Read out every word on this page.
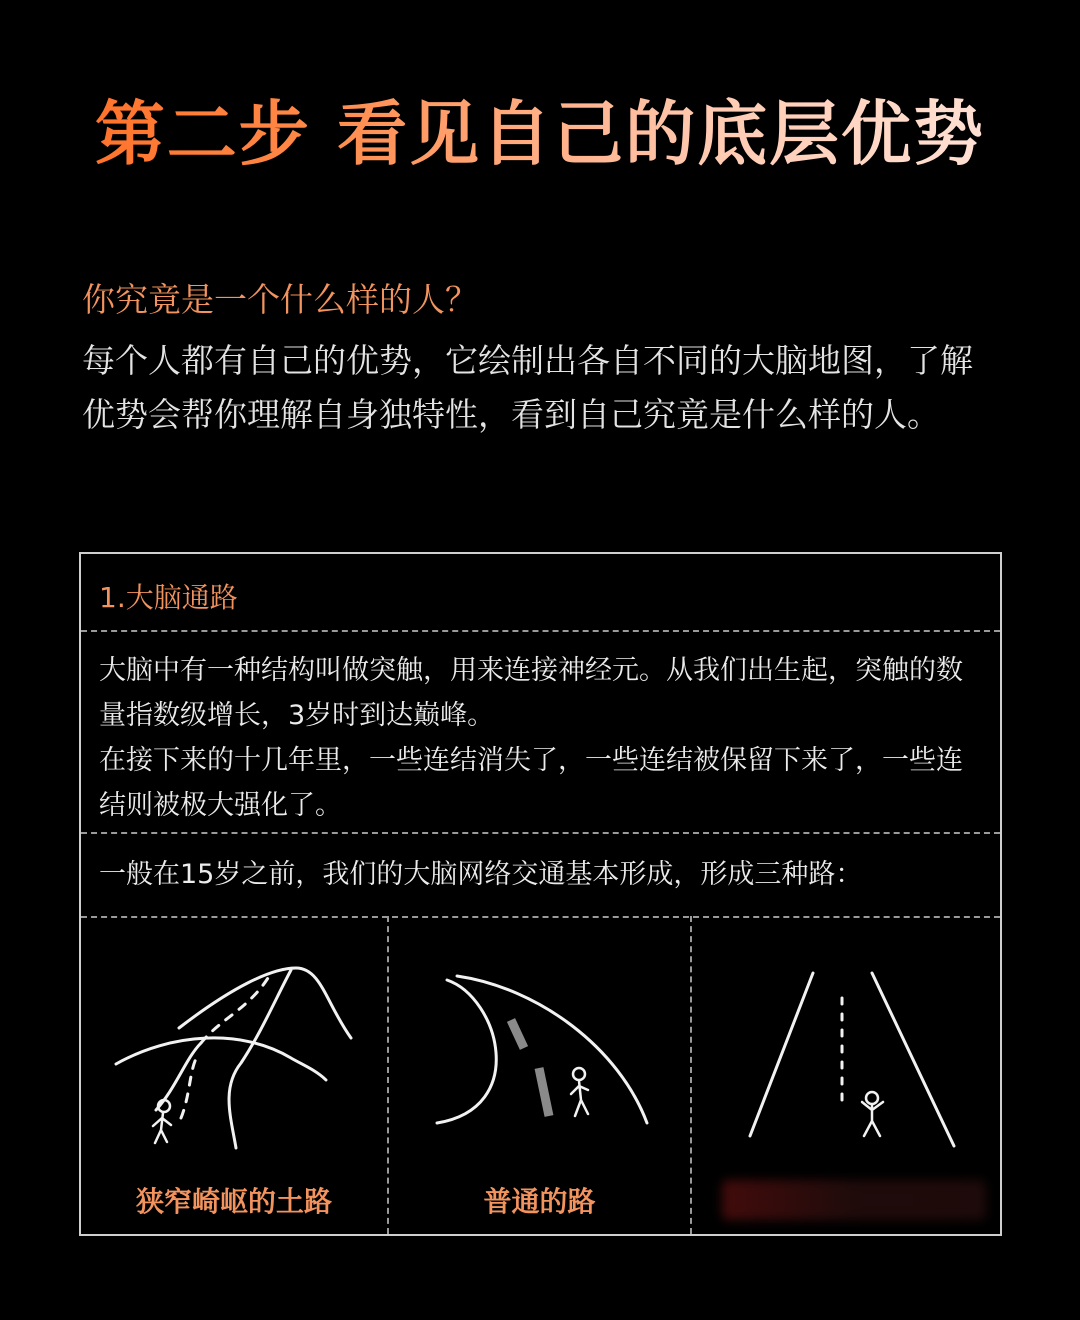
第二步 看见自己的底层优势

你究竟是一个什么样的人？

每个人都有自己的优势，它绘制出各自不同的大脑地图，了解优势会帮你理解自身独特性，看到自己究竟是什么样的人。

1.大脑通路
大脑中有一种结构叫做突触，用来连接神经元。从我们出生起，突触的数量指数级增长，3岁时到达巅峰。
在接下来的十几年里，一些连结消失了，一些连结被保留下来了，一些连结则被极大强化了。
一般在15岁之前，我们的大脑网络交通基本形成，形成三种路：
狭窄崎岖的土路	普通的路
